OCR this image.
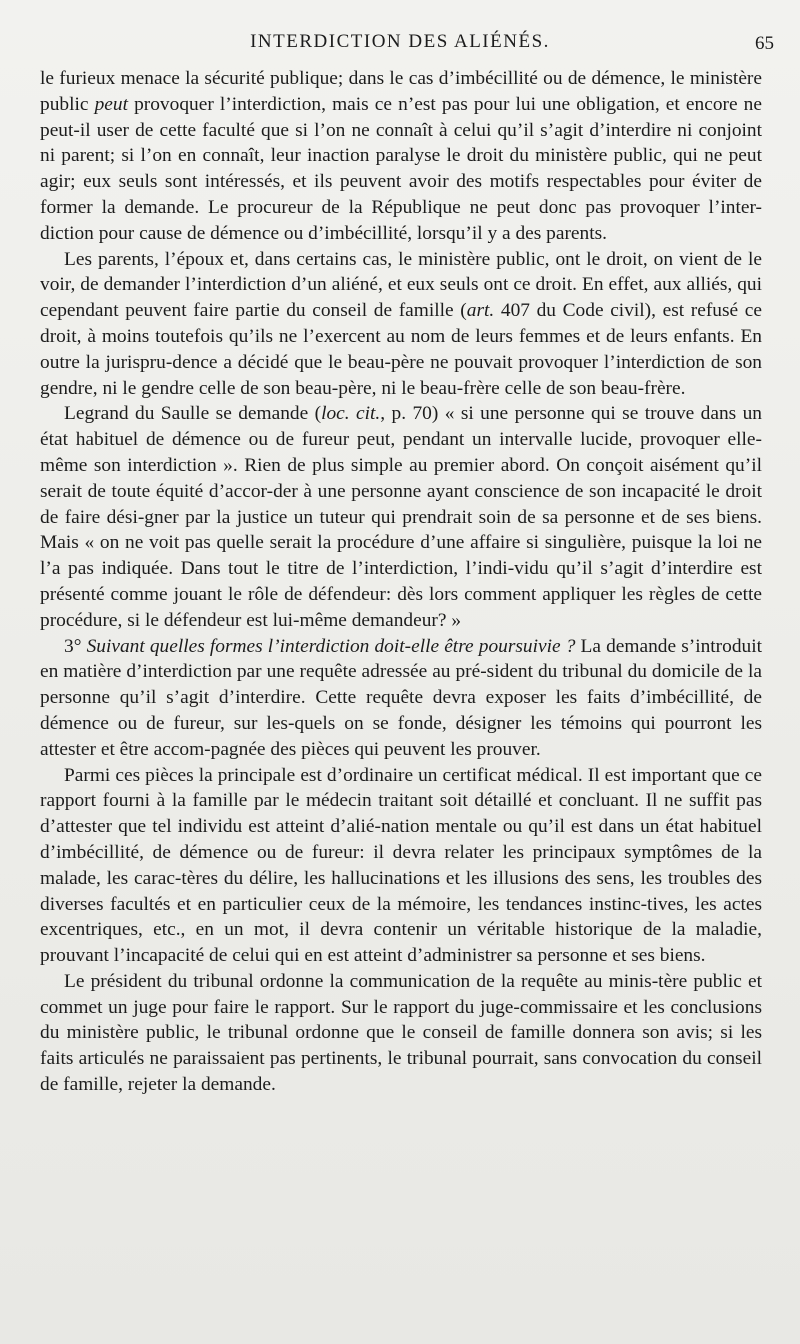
INTERDICTION DES ALIÉNÉS.	65

le furieux menace la sécurité publique; dans le cas d’imbécillité ou de démence, le ministère public peut provoquer l’interdiction, mais ce n’est pas pour lui une obligation, et encore ne peut-il user de cette faculté que si l’on ne connaît à celui qu’il s’agit d’interdire ni conjoint ni parent; si l’on en connaît, leur inaction paralyse le droit du ministère public, qui ne peut agir; eux seuls sont intéressés, et ils peuvent avoir des motifs respectables pour éviter de former la demande. Le procureur de la République ne peut donc pas provoquer l’inter-diction pour cause de démence ou d’imbécillité, lorsqu’il y a des parents.

Les parents, l’époux et, dans certains cas, le ministère public, ont le droit, on vient de le voir, de demander l’interdiction d’un aliéné, et eux seuls ont ce droit. En effet, aux alliés, qui cependant peuvent faire partie du conseil de famille (art. 407 du Code civil), est refusé ce droit, à moins toutefois qu’ils ne l’exercent au nom de leurs femmes et de leurs enfants. En outre la jurispru-dence a décidé que le beau-père ne pouvait provoquer l’interdiction de son gendre, ni le gendre celle de son beau-père, ni le beau-frère celle de son beau-frère.

Legrand du Saulle se demande (loc. cit., p. 70) « si une personne qui se trouve dans un état habituel de démence ou de fureur peut, pendant un intervalle lucide, provoquer elle-même son interdiction ». Rien de plus simple au premier abord. On conçoit aisément qu’il serait de toute équité d’accor-der à une personne ayant conscience de son incapacité le droit de faire dési-gner par la justice un tuteur qui prendrait soin de sa personne et de ses biens. Mais « on ne voit pas quelle serait la procédure d’une affaire si singulière, puisque la loi ne l’a pas indiquée. Dans tout le titre de l’interdiction, l’indi-vidu qu’il s’agit d’interdire est présenté comme jouant le rôle de défendeur: dès lors comment appliquer les règles de cette procédure, si le défendeur est lui-même demandeur? »

3° Suivant quelles formes l’interdiction doit-elle être poursuivie ? La demande s’introduit en matière d’interdiction par une requête adressée au pré-sident du tribunal du domicile de la personne qu’il s’agit d’interdire. Cette requête devra exposer les faits d’imbécillité, de démence ou de fureur, sur les-quels on se fonde, désigner les témoins qui pourront les attester et être accom-pagnée des pièces qui peuvent les prouver.

Parmi ces pièces la principale est d’ordinaire un certificat médical. Il est important que ce rapport fourni à la famille par le médecin traitant soit détaillé et concluant. Il ne suffit pas d’attester que tel individu est atteint d’alié-nation mentale ou qu’il est dans un état habituel d’imbécillité, de démence ou de fureur: il devra relater les principaux symptômes de la malade, les carac-tères du délire, les hallucinations et les illusions des sens, les troubles des diverses facultés et en particulier ceux de la mémoire, les tendances instinc-tives, les actes excentriques, etc., en un mot, il devra contenir un véritable historique de la maladie, prouvant l’incapacité de celui qui en est atteint d’administrer sa personne et ses biens.

Le président du tribunal ordonne la communication de la requête au minis-tère public et commet un juge pour faire le rapport. Sur le rapport du juge-commissaire et les conclusions du ministère public, le tribunal ordonne que le conseil de famille donnera son avis; si les faits articulés ne paraissaient pas pertinents, le tribunal pourrait, sans convocation du conseil de famille, rejeter la demande.
